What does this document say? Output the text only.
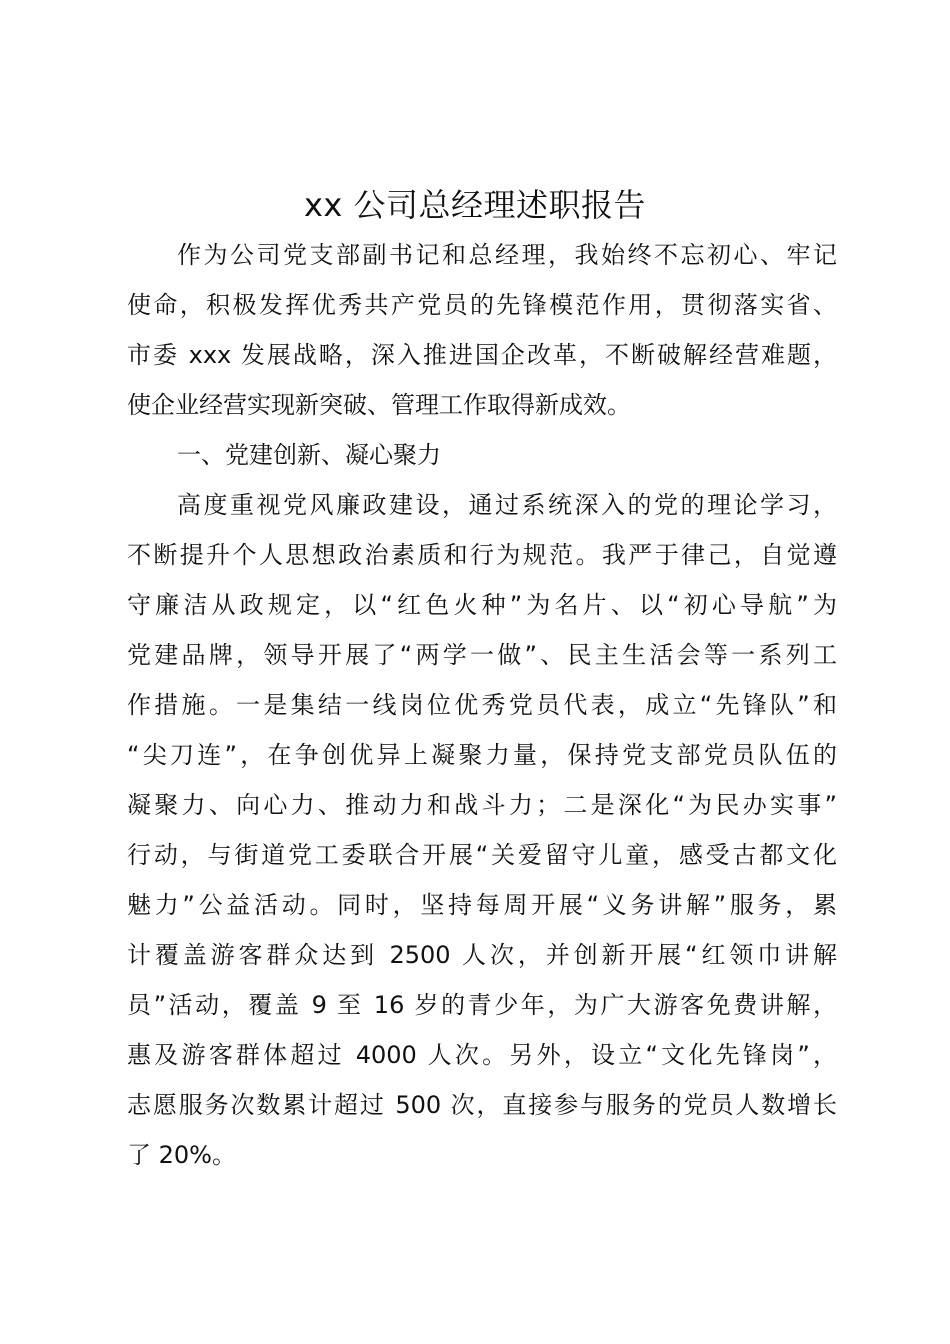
xx 公司总经理述职报告
作为公司党支部副书记和总经理，我始终不忘初心、牢记
使命，积极发挥优秀共产党员的先锋模范作用，贯彻落实省、
市委 xxx 发展战略，深入推进国企改革，不断破解经营难题，
使企业经营实现新突破、管理工作取得新成效。
一、党建创新、凝心聚力
高度重视党风廉政建设，通过系统深入的党的理论学习，
不断提升个人思想政治素质和行为规范。我严于律己，自觉遵
守廉洁从政规定，以“红色火种”为名片、以“初心导航”为
党建品牌，领导开展了“两学一做”、民主生活会等一系列工
作措施。一是集结一线岗位优秀党员代表，成立“先锋队”和
“尖刀连”，在争创优异上凝聚力量，保持党支部党员队伍的
凝聚力、向心力、推动力和战斗力；二是深化“为民办实事”
行动，与街道党工委联合开展“关爱留守儿童，感受古都文化
魅力”公益活动。同时，坚持每周开展“义务讲解”服务，累
计覆盖游客群众达到 2500 人次，并创新开展“红领巾讲解
员”活动，覆盖 9 至 16 岁的青少年，为广大游客免费讲解，
惠及游客群体超过 4000 人次。另外，设立“文化先锋岗”，
志愿服务次数累计超过 500 次，直接参与服务的党员人数增长
了 20%。
